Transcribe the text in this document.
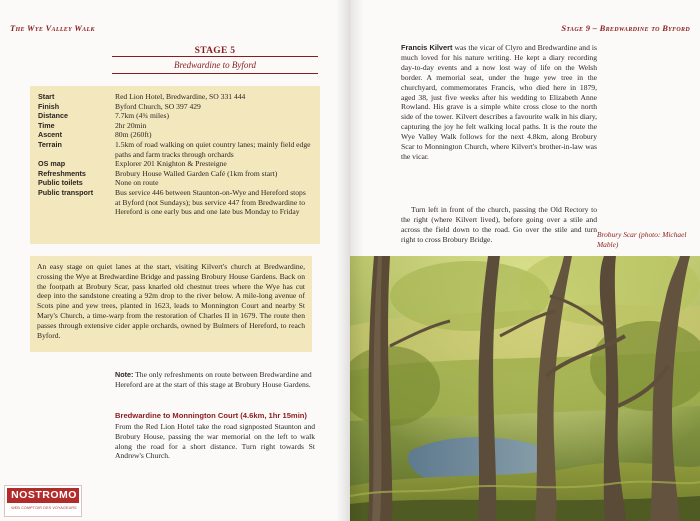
The Wye Valley Walk
STAGE 5
Bredwardine to Byford
Start	Red Lion Hotel, Bredwardine, SO 331 444
Finish	Byford Church, SO 397 429
Distance	7.7km (4¾ miles)
Time	2hr 20min
Ascent	80m (260ft)
Terrain	1.5km of road walking on quiet country lanes; mainly field edge paths and farm tracks through orchards
OS map	Explorer 201 Knighton & Presteigne
Refreshments	Brobury House Walled Garden Café (1km from start)
Public toilets	None on route
Public transport	Bus service 446 between Staunton-on-Wye and Hereford stops at Byford (not Sundays); bus service 447 from Bredwardine to Hereford is one early bus and one late bus Monday to Friday
An easy stage on quiet lanes at the start, visiting Kilvert's church at Bredwardine, crossing the Wye at Bredwardine Bridge and passing Brobury House Gardens. Back on the footpath at Brobury Scar, pass knarled old chestnut trees where the Wye has cut deep into the sandstone creating a 92m drop to the river below. A mile-long avenue of Scots pine and yew trees, planted in 1623, leads to Monnington Court and nearby St Mary's Church, a time-warp from the restoration of Charles II in 1679. The route then passes through extensive cider apple orchards, owned by Bulmers of Hereford, to reach Byford.
Note: The only refreshments on route between Bredwardine and Hereford are at the start of this stage at Brobury House Gardens.
Bredwardine to Monnington Court (4.6km, 1hr 15min)
From the Red Lion Hotel take the road signposted Staunton and Brobury House, passing the war memorial on the left to walk along the road for a short distance. Turn right towards St Andrew's Church.
NOSTROMO
WEB COMPTOIR DES VOYAGEURS
Stage 9 – Bredwardine to Byford
Francis Kilvert was the vicar of Clyro and Bredwardine and is much loved for his nature writing. He kept a diary recording day-to-day events and a now lost way of life on the Welsh border. A memorial seat, under the huge yew tree in the churchyard, commemorates Francis, who died here in 1879, aged 38, just five weeks after his wedding to Elizabeth Anne Rowland. His grave is a simple white cross close to the north side of the tower. Kilvert describes a favourite walk in his diary, capturing the joy he felt walking local paths. It is the route the Wye Valley Walk follows for the next 4.8km, along Brobury Scar to Monnington Church, where Kilvert's brother-in-law was the vicar.
Turn left in front of the church, passing the Old Rectory to the right (where Kilvert lived), before going over a stile and across the field down to the road. Go over the stile and turn right to cross Brobury Bridge.
Brobury Scar (photo: Michael Mable)
